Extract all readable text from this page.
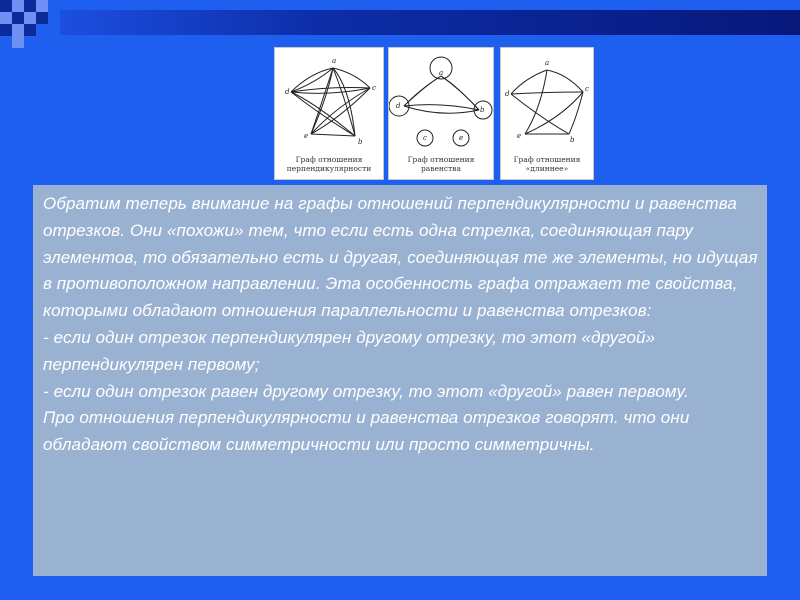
a
b
c
d
e
Граф отношения
перпендикулярности
a
b
c
d
e
Граф отношения
равенства
a
b
c
d
e
Граф отношения
«длиннее»

Обратим теперь внимание на графы отношений перпендикулярности и равенства отрезков. Они «похожи» тем, что если есть одна стрелка, соединяющая пару элементов, то обязательно есть и другая, соединяющая те же элементы, но идущая в противоположном направлении. Эта особенность графа отражает те свойства, которыми обладают отношения параллельности и равенства отрезков:

- если один отрезок перпендикулярен другому отрезку, то этот «другой» перпендикулярен первому;

- если один отрезок равен другому отрезку, то этот «другой» равен первому.

Про отношения перпендикулярности и равенства отрезков говорят. что они обладают свойством симметричности или просто симметричны.
